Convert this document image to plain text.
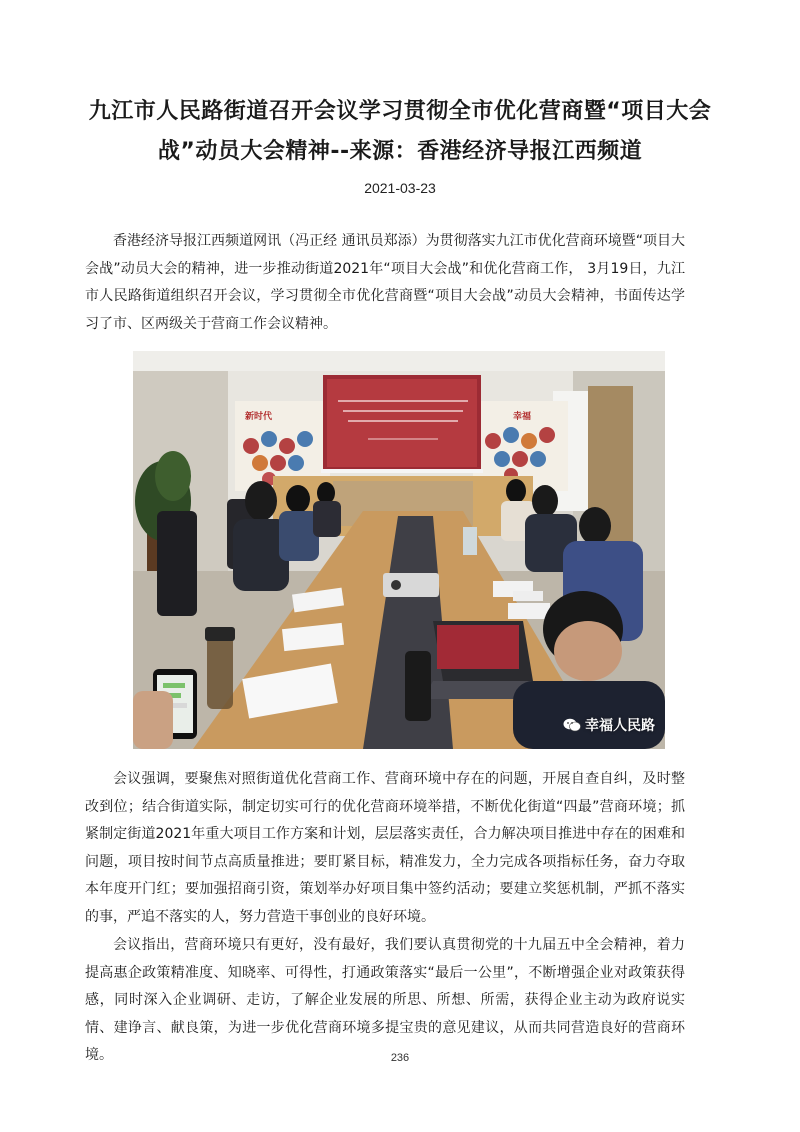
九江市人民路街道召开会议学习贯彻全市优化营商暨“项目大会战”动员大会精神--来源：香港经济导报江西频道
2021-03-23

香港经济导报江西频道网讯（冯正经 通讯员郑添）为贯彻落实九江市优化营商环境暨“项目大会战”动员大会的精神，进一步推动街道2021年“项目大会战”和优化营商工作， 3月19日，九江市人民路街道组织召开会议，学习贯彻全市优化营商暨“项目大会战”动员大会精神，书面传达学习了市、区两级关于营商工作会议精神。

新时代	幸福
幸福人民路

会议强调，要聚焦对照街道优化营商工作、营商环境中存在的问题，开展自查自纠，及时整改到位；结合街道实际，制定切实可行的优化营商环境举措，不断优化街道“四最”营商环境；抓紧制定街道2021年重大项目工作方案和计划，层层落实责任，合力解决项目推进中存在的困难和问题，项目按时间节点高质量推进；要盯紧目标，精准发力，全力完成各项指标任务，奋力夺取本年度开门红；要加强招商引资，策划举办好项目集中签约活动；要建立奖惩机制，严抓不落实的事，严追不落实的人，努力营造干事创业的良好环境。

会议指出，营商环境只有更好，没有最好，我们要认真贯彻党的十九届五中全会精神，着力提高惠企政策精准度、知晓率、可得性，打通政策落实“最后一公里”，不断增强企业对政策获得感，同时深入企业调研、走访，了解企业发展的所思、所想、所需，获得企业主动为政府说实情、建诤言、献良策，为进一步优化营商环境多提宝贵的意见建议，从而共同营造良好的营商环境。	236
